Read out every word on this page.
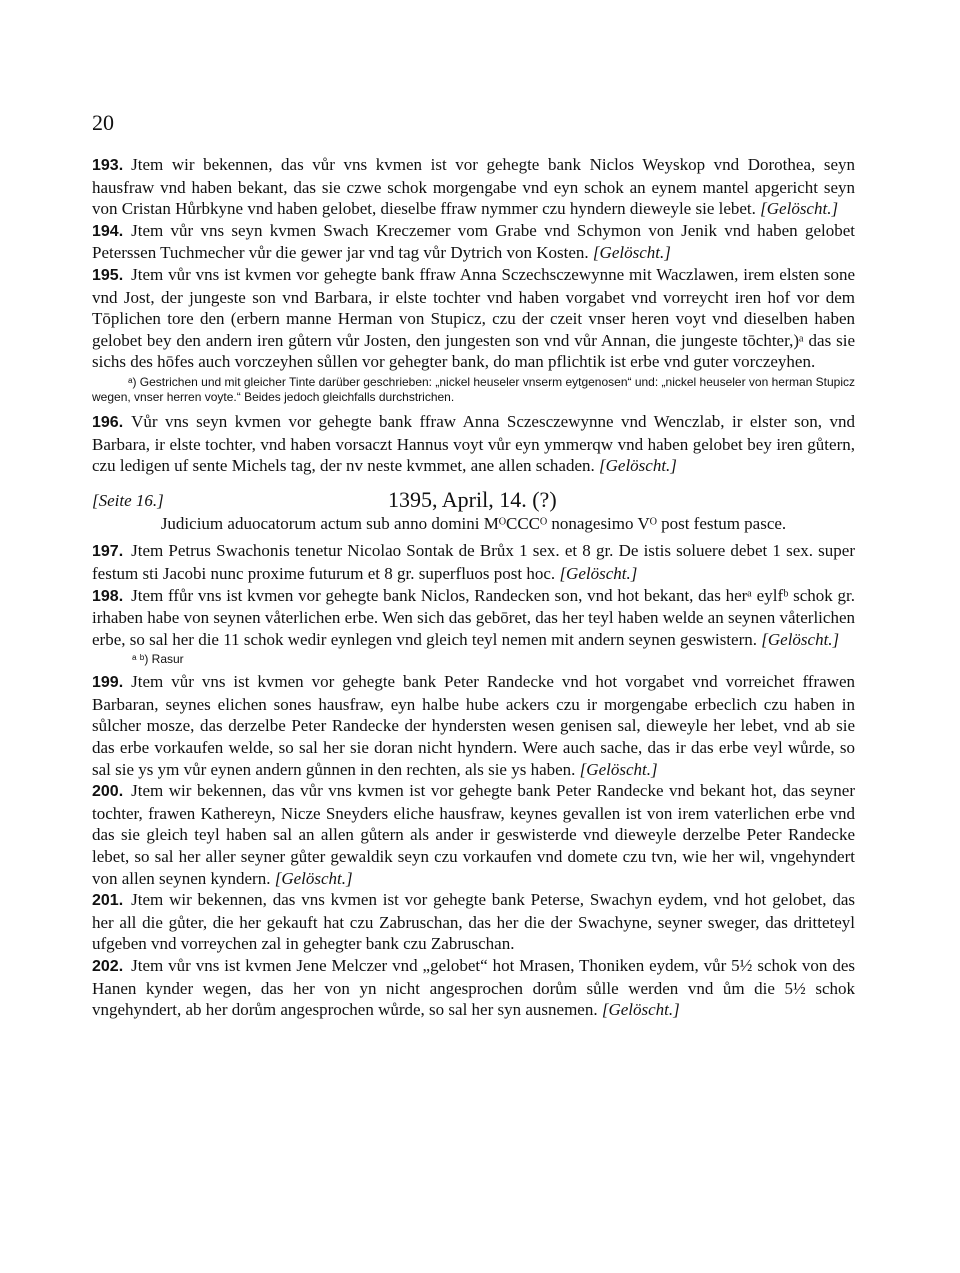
20

193. Jtem wir bekennen, das vůr vns kvmen ist vor gehegte bank Niclos Weyskop vnd Dorothea, seyn hausfraw vnd haben bekant, das sie czwe schok morgengabe vnd eyn schok an eynem mantel apgericht seyn von Cristan Hůrbkyne vnd haben gelobet, dieselbe ffraw nymmer czu hyndern dieweyle sie lebet. [Gelöscht.]

194. Jtem vůr vns seyn kvmen Swach Kreczemer vom Grabe vnd Schymon von Jenik vnd haben gelobet Peterssen Tuchmecher vůr die gewer jar vnd tag vůr Dytrich von Kosten. [Gelöscht.]

195. Jtem vůr vns ist kvmen vor gehegte bank ffraw Anna Sczechsczewynne mit Waczlawen, irem elsten sone vnd Jost, der jungeste son vnd Barbara, ir elste tochter vnd haben vorgabet vnd vorreycht iren hof vor dem Tōplichen tore den (erbern manne Herman von Stupicz, czu der czeit vnser heren voyt vnd dieselben haben gelobet bey den andern iren gůtern vůr Josten, den jungesten son vnd vůr Annan, die jungeste tōchter,)ᵃ das sie sichs des hōfes auch vorczeyhen sůllen vor gehegter bank, do man pflichtik ist erbe vnd guter vorczeyhen.

ᵃ) Gestrichen und mit gleicher Tinte darüber geschrieben: „nickel heuseler vnserm eytgenosen“ und: „nickel heuseler von herman Stupicz wegen, vnser herren voyte.“ Beides jedoch gleichfalls durchstrichen.

196. Vůr vns seyn kvmen vor gehegte bank ffraw Anna Sczesczewynne vnd Wenczlab, ir elster son, vnd Barbara, ir elste tochter, vnd haben vorsaczt Hannus voyt vůr eyn ymmerqw vnd haben gelobet bey iren gůtern, czu ledigen uf sente Michels tag, der nv neste kvmmet, ane allen schaden. [Gelöscht.]

[Seite 16.]	1395, April, 14. (?)

Judicium aduocatorum actum sub anno domini MᴼCCCᴼ nonagesimo Vᴼ post festum pasce.

197. Jtem Petrus Swachonis tenetur Nicolao Sontak de Brůx 1 sex. et 8 gr. De istis soluere debet 1 sex. super festum sti Jacobi nunc proxime futurum et 8 gr. superfluos post hoc. [Gelöscht.]

198. Jtem ffůr vns ist kvmen vor gehegte bank Niclos, Randecken son, vnd hot bekant, das herᵃ eylfᵇ schok gr. irhaben habe von seynen våterlichen erbe. Wen sich das gebōret, das her teyl haben welde an seynen våterlichen erbe, so sal her die 11 schok wedir eynlegen vnd gleich teyl nemen mit andern seynen geswistern. [Gelöscht.]

ᵃ ᵇ) Rasur

199. Jtem vůr vns ist kvmen vor gehegte bank Peter Randecke vnd hot vorgabet vnd vorreichet ffrawen Barbaran, seynes elichen sones hausfraw, eyn halbe hube ackers czu ir morgengabe erbeclich czu haben in sůlcher mosze, das derzelbe Peter Randecke der hyndersten wesen genisen sal, dieweyle her lebet, vnd ab sie das erbe vorkaufen welde, so sal her sie doran nicht hyndern. Were auch sache, das ir das erbe veyl wůrde, so sal sie ys ym vůr eynen andern gůnnen in den rechten, als sie ys haben. [Gelöscht.]

200. Jtem wir bekennen, das vůr vns kvmen ist vor gehegte bank Peter Randecke vnd bekant hot, das seyner tochter, frawen Kathereyn, Nicze Sneyders eliche hausfraw, keynes gevallen ist von irem vaterlichen erbe vnd das sie gleich teyl haben sal an allen gůtern als ander ir geswisterde vnd dieweyle derzelbe Peter Randecke lebet, so sal her aller seyner gůter gewaldik seyn czu vorkaufen vnd domete czu tvn, wie her wil, vngehyndert von allen seynen kyndern. [Gelöscht.]

201. Jtem wir bekennen, das vns kvmen ist vor gehegte bank Peterse, Swachyn eydem, vnd hot gelobet, das her all die gůter, die her gekauft hat czu Zabruschan, das her die der Swachyne, seyner sweger, das dritteteyl ufgeben vnd vorreychen zal in gehegter bank czu Zabruschan.

202. Jtem vůr vns ist kvmen Jene Melczer vnd „gelobet“ hot Mrasen, Thoniken eydem, vůr 5½ schok von des Hanen kynder wegen, das her von yn nicht angesprochen dorům sůlle werden vnd ům die 5½ schok vngehyndert, ab her dorům angesprochen wůrde, so sal her syn ausnemen. [Gelöscht.]
